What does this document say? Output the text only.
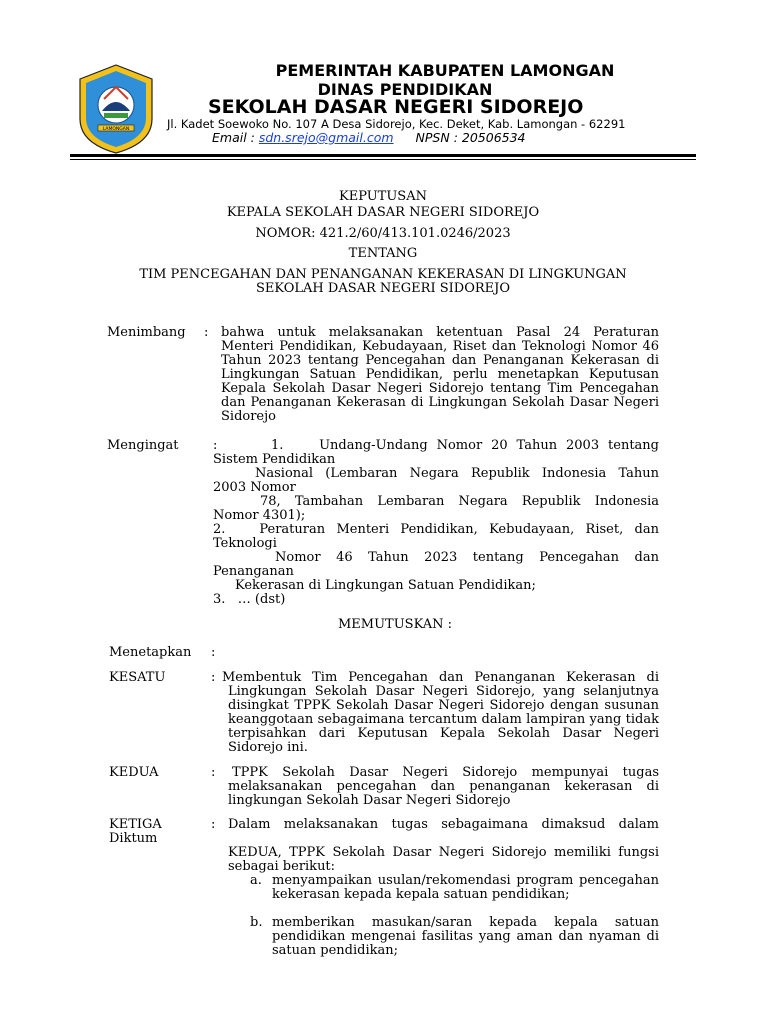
LAMONGAN
PEMERINTAH KABUPATEN LAMONGAN
DINAS PENDIDIKAN
SEKOLAH DASAR NEGERI SIDOREJO
Jl. Kadet Soewoko No. 107 A Desa Sidorejo, Kec. Deket, Kab. Lamongan - 62291
Email : sdn.srejo@gmail.com NPSN : 20506534
KEPUTUSAN
KEPALA SEKOLAH DASAR NEGERI SIDOREJO
NOMOR: 421.2/60/413.101.0246/2023
TENTANG
TIM PENCEGAHAN DAN PENANGANAN KEKERASAN DI LINGKUNGAN
SEKOLAH DASAR NEGERI SIDOREJO
Menimbang : bahwa untuk melaksanakan ketentuan Pasal 24 Peraturan Menteri Pendidikan, Kebudayaan, Riset dan Teknologi Nomor 46 Tahun 2023 tentang Pencegahan dan Penanganan Kekerasan di Lingkungan Satuan Pendidikan, perlu menetapkan Keputusan Kepala Sekolah Dasar Negeri Sidorejo tentang Tim Pencegahan dan Penanganan Kekerasan di Lingkungan Sekolah Dasar Negeri Sidorejo
Mengingat	:      1.    Undang-Undang Nomor 20 Tahun 2003 tentang
Sistem Pendidikan
Nasional (Lembaran Negara Republik Indonesia Tahun
2003 Nomor
78, Tambahan Lembaran Negara Republik Indonesia
Nomor 4301);
2.   Peraturan Menteri Pendidikan, Kebudayaan, Riset, dan
Teknologi
Nomor 46 Tahun 2023 tentang Pencegahan dan
Penanganan
Kekerasan di Lingkungan Satuan Pendidikan;
3.   … (dst)
MEMUTUSKAN :
Menetapkan :
KESATU	: Membentuk Tim Pencegahan dan Penanganan Kekerasan di Lingkungan Sekolah Dasar Negeri Sidorejo, yang selanjutnya disingkat TPPK Sekolah Dasar Negeri Sidorejo dengan susunan keanggotaan sebagaimana tercantum dalam lampiran yang tidak terpisahkan dari Keputusan Kepala Sekolah Dasar Negeri Sidorejo ini.
KEDUA	:	TPPK Sekolah Dasar Negeri Sidorejo mempunyai tugas melaksanakan pencegahan dan penanganan kekerasan di lingkungan Sekolah Dasar Negeri Sidorejo
KETIGA
Diktum
: Dalam melaksanakan tugas sebagaimana dimaksud dalam
KEDUA, TPPK Sekolah Dasar Negeri Sidorejo memiliki fungsi sebagai berikut:
a. menyampaikan usulan/rekomendasi program pencegahan kekerasan kepada kepala satuan pendidikan;
b. memberikan masukan/saran kepada kepala satuan pendidikan mengenai fasilitas yang aman dan nyaman di satuan pendidikan;
